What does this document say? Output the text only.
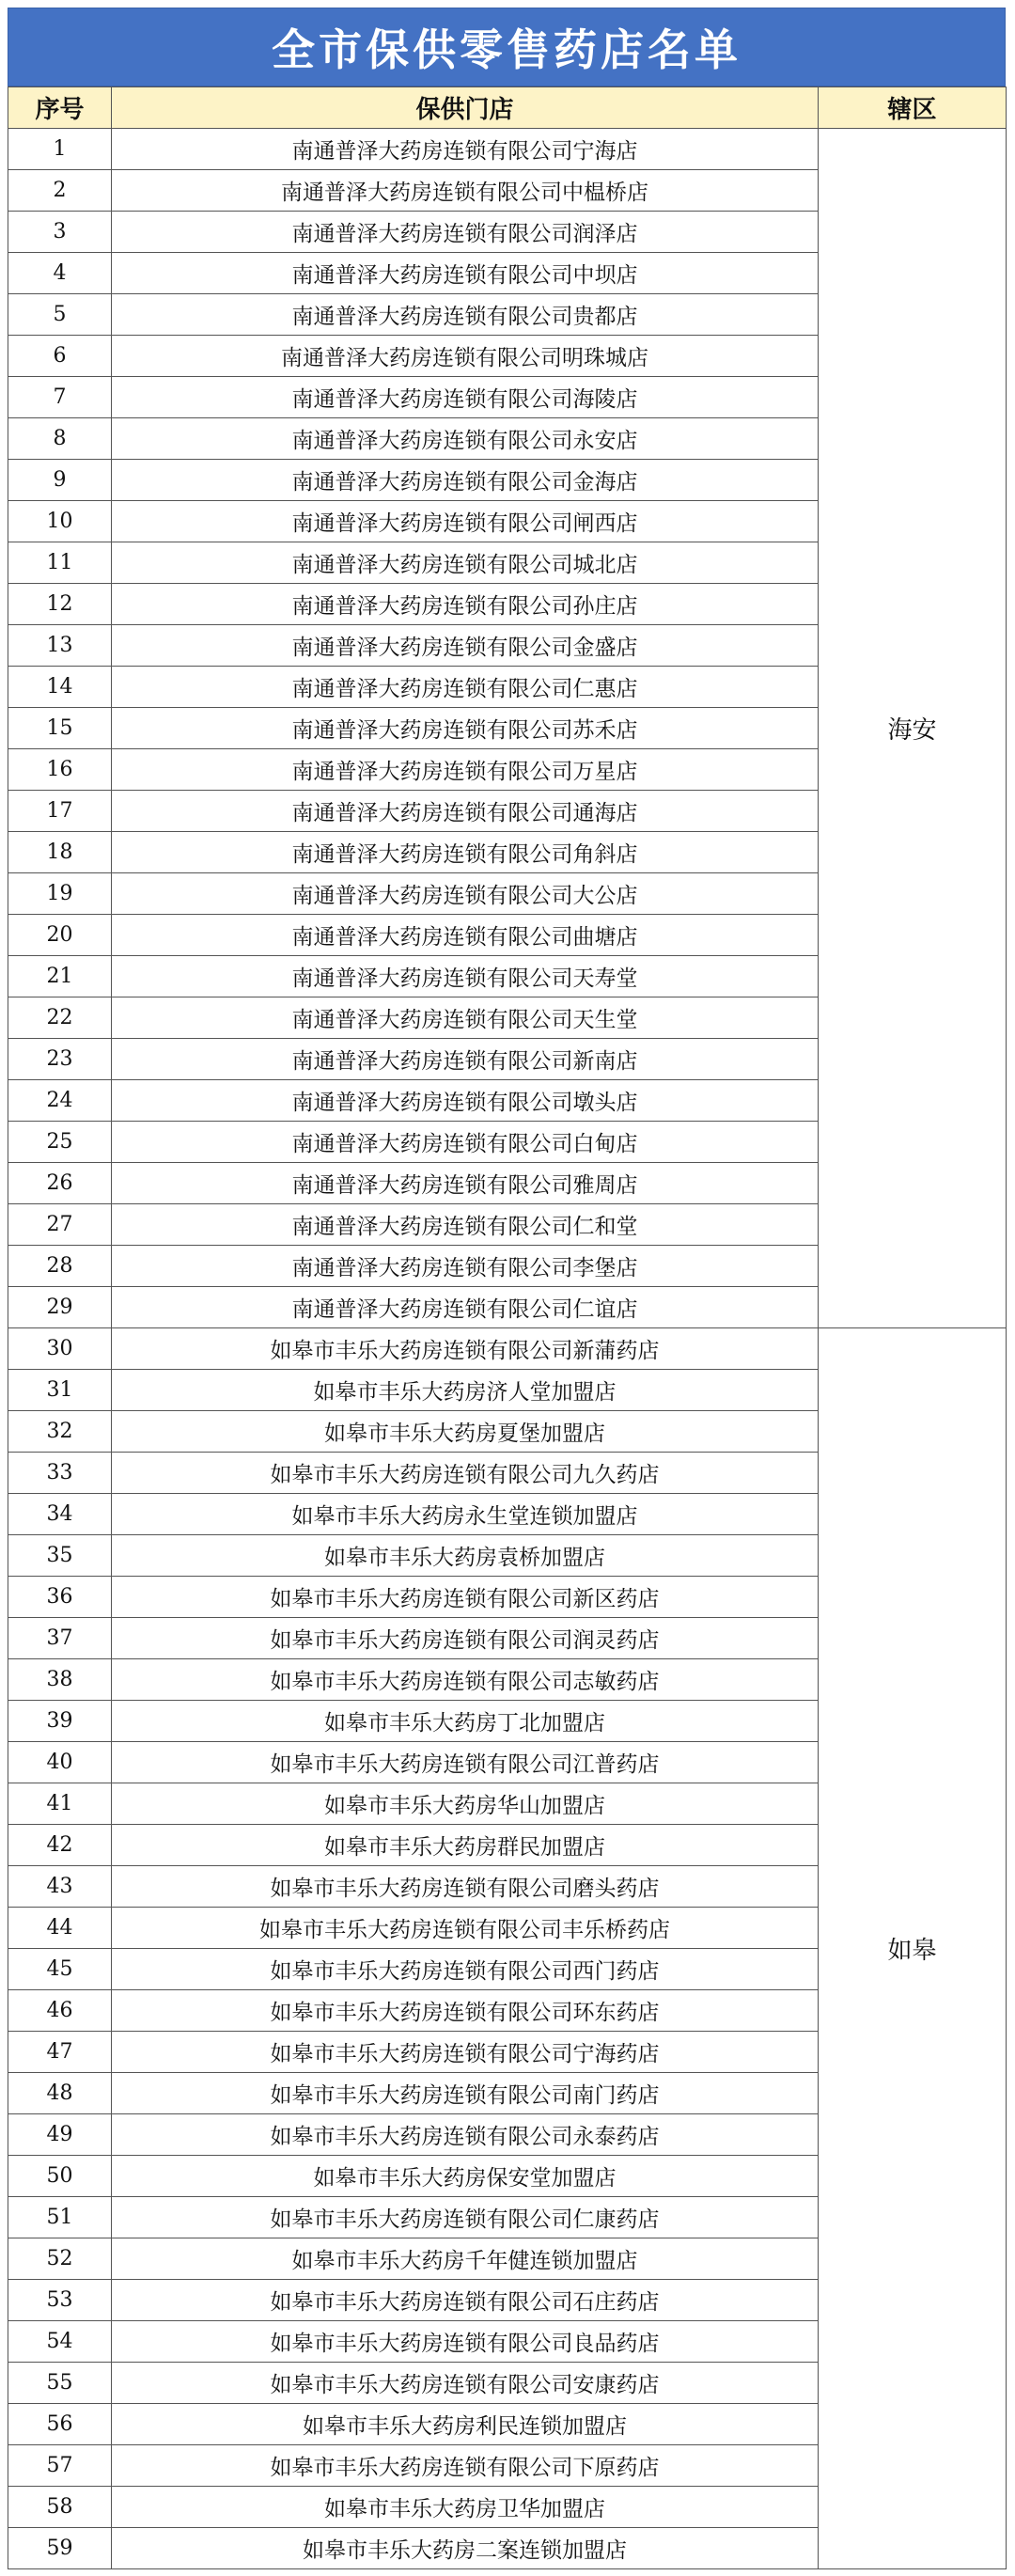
全市保供零售药店名单
序号	保供门店	辖区
1	南通普泽大药房连锁有限公司宁海店	海安
2	南通普泽大药房连锁有限公司中榅桥店	
3	南通普泽大药房连锁有限公司润泽店	
4	南通普泽大药房连锁有限公司中坝店	
5	南通普泽大药房连锁有限公司贵都店	
6	南通普泽大药房连锁有限公司明珠城店	
7	南通普泽大药房连锁有限公司海陵店	
8	南通普泽大药房连锁有限公司永安店	
9	南通普泽大药房连锁有限公司金海店	
10	南通普泽大药房连锁有限公司闸西店	
11	南通普泽大药房连锁有限公司城北店	
12	南通普泽大药房连锁有限公司孙庄店	
13	南通普泽大药房连锁有限公司金盛店	
14	南通普泽大药房连锁有限公司仁惠店	
15	南通普泽大药房连锁有限公司苏禾店	
16	南通普泽大药房连锁有限公司万星店	
17	南通普泽大药房连锁有限公司通海店	
18	南通普泽大药房连锁有限公司角斜店	
19	南通普泽大药房连锁有限公司大公店	
20	南通普泽大药房连锁有限公司曲塘店	
21	南通普泽大药房连锁有限公司天寿堂	
22	南通普泽大药房连锁有限公司天生堂	
23	南通普泽大药房连锁有限公司新南店	
24	南通普泽大药房连锁有限公司墩头店	
25	南通普泽大药房连锁有限公司白甸店	
26	南通普泽大药房连锁有限公司雅周店	
27	南通普泽大药房连锁有限公司仁和堂	
28	南通普泽大药房连锁有限公司李堡店	
29	南通普泽大药房连锁有限公司仁谊店	
30	如皋市丰乐大药房连锁有限公司新蒲药店	如皋
31	如皋市丰乐大药房济人堂加盟店	
32	如皋市丰乐大药房夏堡加盟店	
33	如皋市丰乐大药房连锁有限公司九久药店	
34	如皋市丰乐大药房永生堂连锁加盟店	
35	如皋市丰乐大药房袁桥加盟店	
36	如皋市丰乐大药房连锁有限公司新区药店	
37	如皋市丰乐大药房连锁有限公司润灵药店	
38	如皋市丰乐大药房连锁有限公司志敏药店	
39	如皋市丰乐大药房丁北加盟店	
40	如皋市丰乐大药房连锁有限公司江普药店	
41	如皋市丰乐大药房华山加盟店	
42	如皋市丰乐大药房群民加盟店	
43	如皋市丰乐大药房连锁有限公司磨头药店	
44	如皋市丰乐大药房连锁有限公司丰乐桥药店	
45	如皋市丰乐大药房连锁有限公司西门药店	
46	如皋市丰乐大药房连锁有限公司环东药店	
47	如皋市丰乐大药房连锁有限公司宁海药店	
48	如皋市丰乐大药房连锁有限公司南门药店	
49	如皋市丰乐大药房连锁有限公司永泰药店	
50	如皋市丰乐大药房保安堂加盟店	
51	如皋市丰乐大药房连锁有限公司仁康药店	
52	如皋市丰乐大药房千年健连锁加盟店	
53	如皋市丰乐大药房连锁有限公司石庄药店	
54	如皋市丰乐大药房连锁有限公司良品药店	
55	如皋市丰乐大药房连锁有限公司安康药店	
56	如皋市丰乐大药房利民连锁加盟店	
57	如皋市丰乐大药房连锁有限公司下原药店	
58	如皋市丰乐大药房卫华加盟店	
59	如皋市丰乐大药房二案连锁加盟店	
